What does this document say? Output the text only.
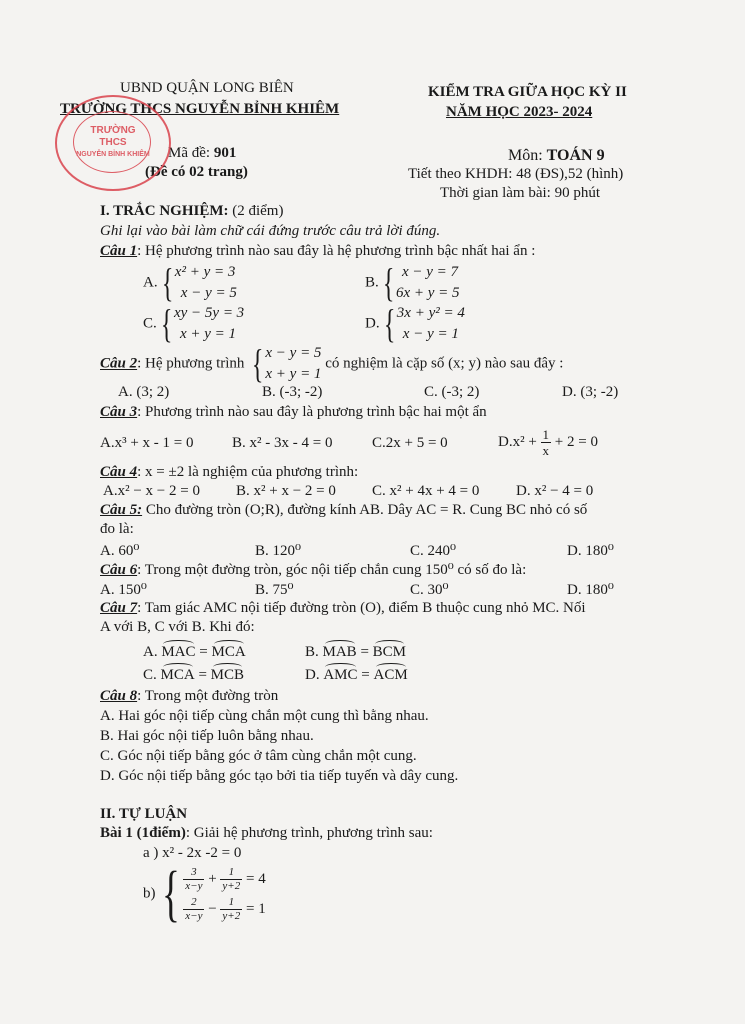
UBND QUẬN LONG BIÊN
TRƯỜNG THCS NGUYỄN BỈNH KHIÊM
Mã đề: 901
(Đề có 02 trang)
KIỂM TRA GIỮA HỌC KỲ II
NĂM HỌC 2023- 2024
Môn: TOÁN 9
Tiết theo KHDH: 48 (ĐS),52 (hình)
Thời gian làm bài: 90 phút
TRƯỜNG
THCS
NGUYỄN BỈNH KHIÊM
I. TRẮC NGHIỆM: (2 điểm)
Ghi lại vào bài làm chữ cái đứng trước câu trả lời đúng.
Câu 1: Hệ phương trình nào sau đây là hệ phương trình bậc nhất hai ẩn :
A.{ x² + y = 3
x − y = 5
B.{ x − y = 7
6x + y = 5
C.{ xy − 5y = 3
x + y = 1
D.{ 3x + y² = 4
x − y = 1
Câu 2: Hệ phương trình { x − y = 5
x + y = 1 có nghiệm là cặp số (x; y) nào sau đây :
A. (3; 2)	B. (-3; -2)	C. (-3; 2)	D. (3; -2)
Câu 3: Phương trình nào sau đây là phương trình bậc hai một ẩn
A.x³ + x - 1 = 0	B. x² - 3x - 4 = 0	C.2x + 5 = 0	$D.x^2 + \frac{1}{x} + 2 = 0$
Câu 4: x = ±2 là nghiệm của phương trình:
A.x² − x − 2 = 0 B. x² + x − 2 = 0 C. x² + 4x + 4 = 0 D. x² − 4 = 0
Câu 5: Cho đường tròn (O;R), đường kính AB. Dây AC = R. Cung BC nhỏ có số
đo là:
A. 60⁰	B. 120⁰	C. 240⁰	D. 180⁰
Câu 6: Trong một đường tròn, góc nội tiếp chắn cung 150⁰ có số đo là:
A. 150⁰	B. 75⁰	C. 30⁰	D. 180⁰
Câu 7: Tam giác AMC nội tiếp đường tròn (O), điểm B thuộc cung nhỏ MC. Nối
A với B, C với B. Khi đó:
A. MAC = MCA	B. MAB = BCM
C. MCA = MCB	D. AMC = ACM
Câu 8: Trong một đường tròn
A. Hai góc nội tiếp cùng chắn một cung thì bằng nhau.
B. Hai góc nội tiếp luôn bằng nhau.
C. Góc nội tiếp bằng góc ở tâm cùng chắn một cung.
D. Góc nội tiếp bằng góc tạo bởi tia tiếp tuyến và dây cung.
II. TỰ LUẬN
Bài 1 (1điểm): Giải hệ phương trình, phương trình sau:
a ) x² - 2x -2 = 0
$b)\{ \frac{3}{x-y} + \frac{1}{y+2} = 4$

$\frac{2}{x-y} - \frac{1}{y+2} = 1$
